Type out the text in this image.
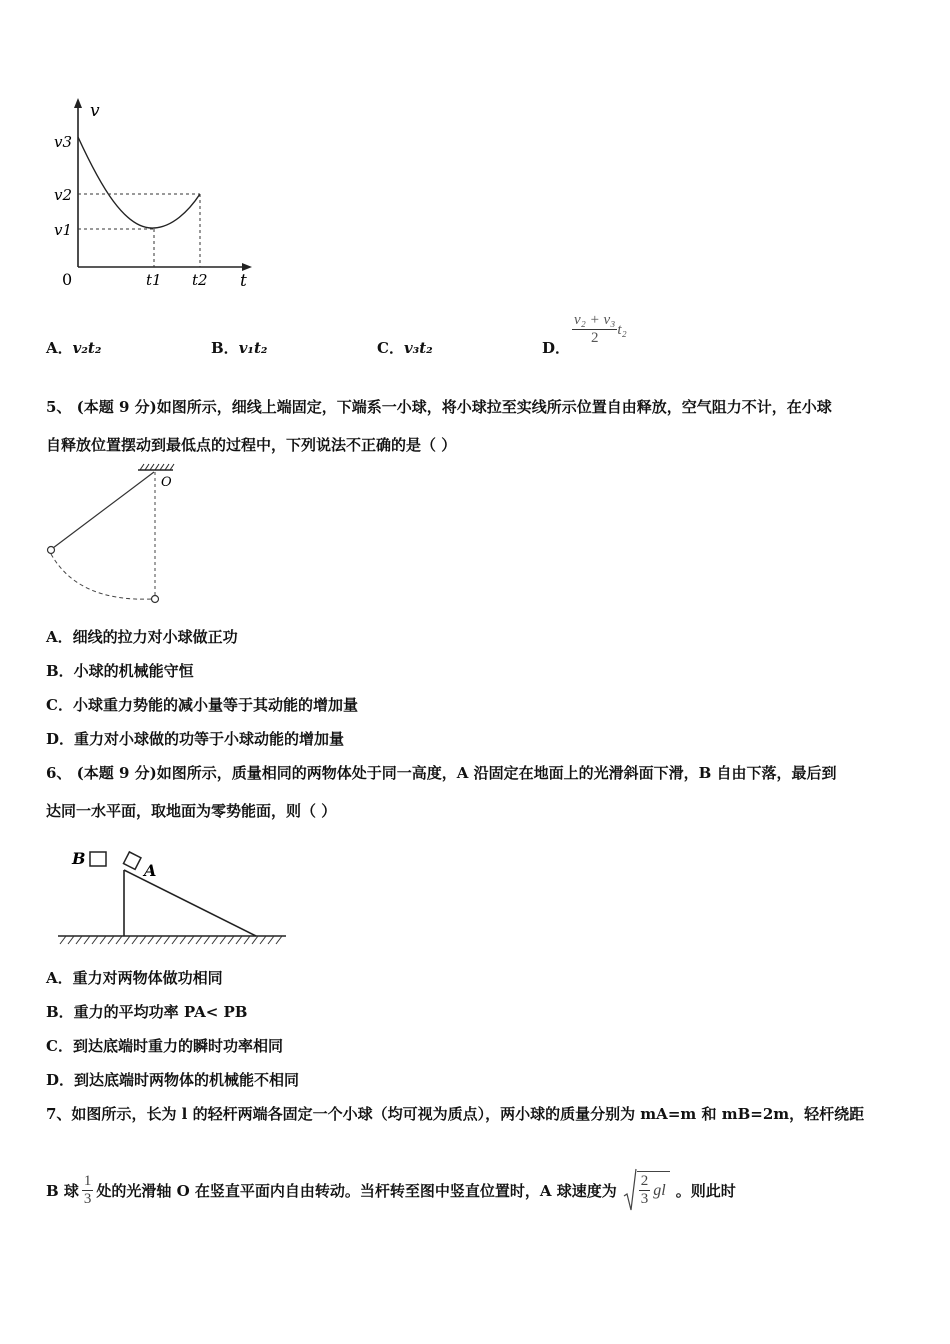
v
v3
v2
v1
0	t1 t2 t
A．v₂t₂	B．v₁t₂	C．v₃t₂	D．
$\frac{\text{v₂ + v₃}}{2} t_2$
5、 (本题 9 分)如图所示，细线上端固定，下端系一小球，将小球拉至实线所示位置自由释放，空气阻力不计，在小球
自释放位置摆动到最低点的过程中，下列说法不正确的是（ ）
O
A．细线的拉力对小球做正功
B．小球的机械能守恒
C．小球重力势能的减小量等于其动能的增加量
D．重力对小球做的功等于小球动能的增加量
6、 (本题 9 分)如图所示，质量相同的两物体处于同一高度，A 沿固定在地面上的光滑斜面下滑，B 自由下落，最后到
达同一水平面，取地面为零势能面，则（ ）
A
B
A．重力对两物体做功相同
B．重力的平均功率 PA< PB
C．到达底端时重力的瞬时功率相同
D．到达底端时两物体的机械能不相同
7、如图所示，长为 l 的轻杆两端各固定一个小球（均可视为质点），两小球的质量分别为 mA=m 和 mB=2m，轻杆绕距
B 球 $\frac{1}{3}$ 处的光滑轴 O 在竖直平面内自由转动。当杆转至图中竖直位置时，A 球速度为 $\frac{2}{3}$ gl 。则此时
